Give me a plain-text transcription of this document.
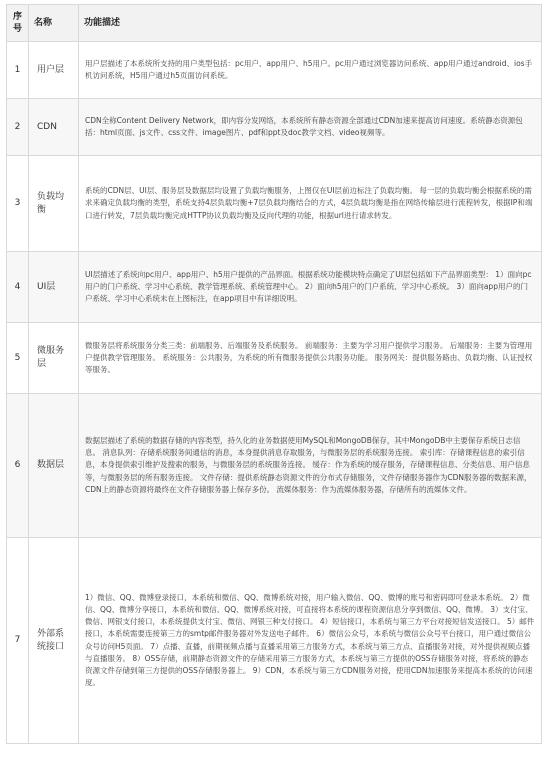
序号	名称	功能描述
1	用户层	用户层描述了本系统所支持的用户类型包括：pc用户、app用户、h5用户。pc用户通过浏览器访问系统、app用户通过android、ios手机访问系统，H5用户通过h5页面访问系统。
2	CDN	CDN全称Content Delivery Network，即内容分发网络，本系统所有静态资源全部通过CDN加速来提高访问速度。系统静态资源包括：html页面、js文件、css文件、image图片、pdf和ppt及doc教学文档、video视频等。
3	负载均衡	系统的CDN层、UI层、服务层及数据层均设置了负载均衡服务，上图仅在UI层前边标注了负载均衡。 每一层的负载均衡会根据系统的需求来确定负载均衡的类型，系统支持4层负载均衡+7层负载均衡结合的方式，4层负载均衡是指在网络传输层进行流程转发，根据IP和端口进行转发，7层负载均衡完成HTTP协议负载均衡及反向代理的功能，根据url进行请求转发。
4	UI层	UI层描述了系统向pc用户、app用户、h5用户提供的产品界面。根据系统功能模块特点确定了UI层包括如下产品界面类型： 1）面向pc用户的门户系统、学习中心系统、教学管理系统、系统管理中心。 2）面向h5用户的门户系统、学习中心系统。 3）面向app用户的门户系统、学习中心系统未在上图标注，在app项目中有详细说明。
5	微服务层	微服务层将系统服务分类三类：前端服务、后端服务及系统服务。 前端服务：主要为学习用户提供学习服务。 后端服务：主要为管理用户提供教学管理服务。 系统服务：公共服务，为系统的所有微服务提供公共服务功能。 服务网关：提供服务路由、负载均衡、认证授权等服务。
6	数据层	数据层描述了系统的数据存储的内容类型，持久化的业务数据使用MySQL和MongoDB保存，其中MongoDB中主要保存系统日志信息。 消息队列：存储系统服务间通信的消息，本身提供消息存取服务，与微服务层的系统服务连接。 索引库：存储课程信息的索引信息，本身提供索引维护及搜索的服务，与微服务层的系统服务连接。 缓存：作为系统的缓存服务，存储课程信息、分类信息、用户信息等，与微服务层的所有服务连接。 文件存储：提供系统静态资源文件的分布式存储服务，文件存储服务器作为CDN服务器的数据来源，CDN上的静态资源将最终在文件存储服务器上保存多份。 流媒体服务：作为流媒体服务器，存储所有的流媒体文件。
7	外部系统接口	1）微信、QQ、微博登录接口，本系统和微信、QQ、微博系统对接，用户输入微信、QQ、微博的账号和密码即可登录本系统。 2）微信、QQ、微博分享接口，本系统和微信、QQ、微博系统对接，可直接将本系统的课程资源信息分享到微信、QQ、微博。 3）支付宝、微信、网银支付接口，本系统提供支付宝、微信、网银三种支付接口。 4）短信接口，本系统与第三方平台对接短信发送接口。 5）邮件接口，本系统需要连接第三方的smtp邮件服务器对外发送电子邮件。 6）微信公众号，本系统与微信公众号平台接口，用户通过微信公众号访问H5页面。 7）点播、直播，前期视频点播与直播采用第三方服务方式，本系统与第三方点、直播服务对接，对外提供视频点播与直播服务。 8）OSS存储，前期静态资源文件的存储采用第三方服务方式，本系统与第三方提供的OSS存储服务对接，将系统的静态资源文件存储到第三方提供的OSS存储服务器上。 9）CDN，本系统与第三方CDN服务对接，使用CDN加速服务来提高本系统的访问速度。
